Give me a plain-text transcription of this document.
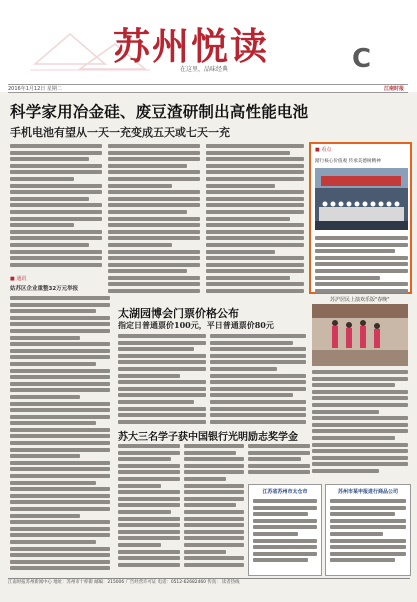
苏州悦读
在这里，品味经典	C
2016年1月12日 星期二	江南时报
科学家用冶金硅、废豆渣研制出高性能电池
手机电池有望从一天一充变成五天或七天一充
■ 看点
踏行核心价值观 传承美德树精神
■ 通讯
姑苏区企业重整32万元举报
太湖园博会门票价格公布
指定日普通票价100元，平日普通票价80元
苏沪居民上演欢乐版"春晚"
苏大三名学子获中国银行光明励志奖学金
江苏省苏州市太仓市	苏州市某申报进行商品公司
江南时报苏州新闻中心 地址：苏州市十梓街 邮编：215006 广告经营许可证 电话：0512-62682460 传真： 读者热线
